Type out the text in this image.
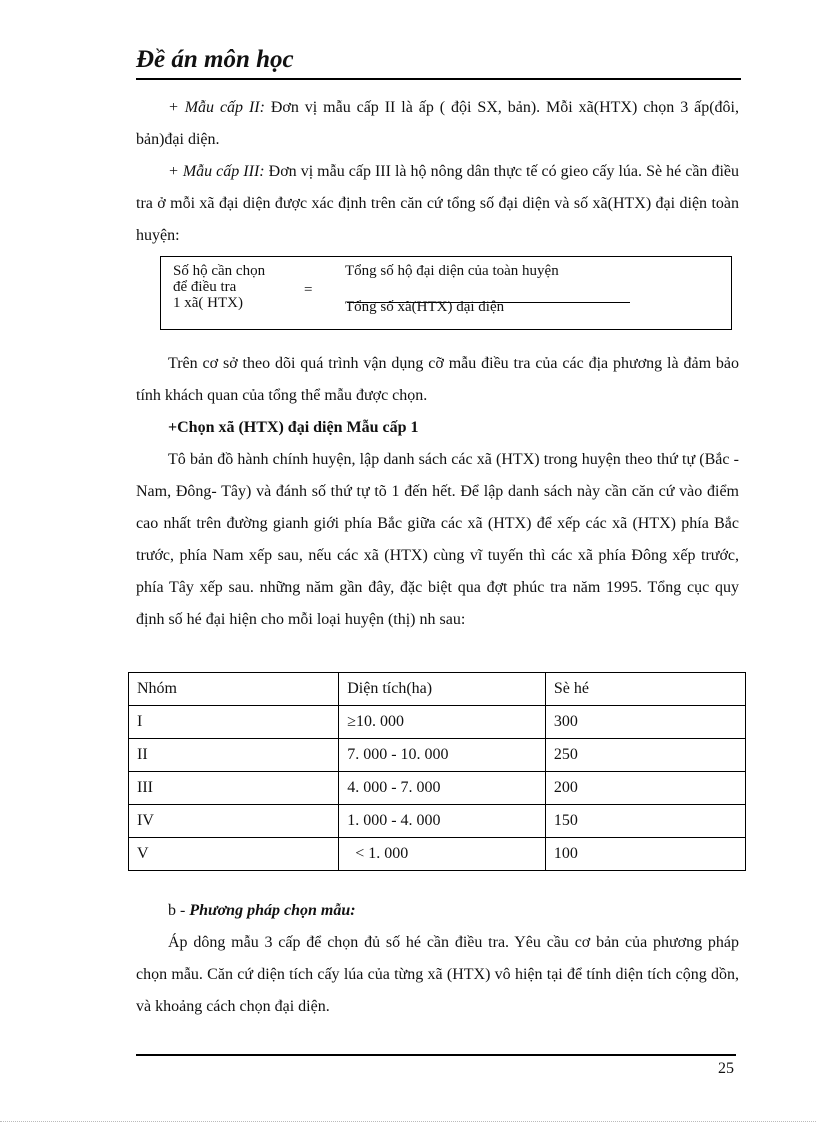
Đề án môn học

+ Mẫu cấp II: Đơn vị mẫu cấp II là ấp ( đội SX, bản). Mỗi xã(HTX) chọn 3 ấp(đôi, bản)đại diện.

+ Mẫu cấp III: Đơn vị mẫu cấp III là hộ nông dân thực tế có gieo cấy lúa. Sè hé cần điều tra ở mỗi xã đại diện được xác định trên căn cứ tổng số đại diện và số xã(HTX) đại diện toàn huyện:

Số hộ cần chọn
để điều tra
1 xã( HTX)
=
Tổng số hộ đại diện của toàn huyện
Tổng số xã(HTX) đại diện

Trên cơ sở theo dõi quá trình vận dụng cỡ mẫu điều tra của các địa phương là đảm bảo tính khách quan của tổng thể mẫu được chọn.

+Chọn xã (HTX) đại diện Mẫu cấp 1

Tô bản đồ hành chính huyện, lập danh sách các xã (HTX) trong huyện theo thứ tự (Bắc -Nam, Đông- Tây) và đánh số thứ tự tõ 1 đến hết. Để lập danh sách này cần căn cứ vào điểm cao nhất trên đường gianh giới phía Bắc giữa các xã (HTX) để xếp các xã (HTX) phía Bắc trước, phía Nam xếp sau, nếu các xã (HTX) cùng vĩ tuyến thì các xã phía Đông xếp trước, phía Tây xếp sau. những năm gần đây, đặc biệt qua đợt phúc tra năm 1995. Tổng cục quy định số hé đại hiện cho mỗi loại huyện (thị) nh sau:

Nhóm	Diện tích(ha)	Sè hé
I	≥10. 000	300
II	7. 000 - 10. 000	250
III	4. 000 - 7. 000	200
IV	1. 000 - 4. 000	150
V	< 1. 000	100

b - Phương pháp chọn mẫu:

Áp dông mẫu 3 cấp để chọn đủ số hé cần điều tra. Yêu cầu cơ bản của phương pháp chọn mẫu. Căn cứ diện tích cấy lúa của từng xã (HTX) vô hiện tại để tính diện tích cộng dồn, và khoảng cách chọn đại diện.

25
